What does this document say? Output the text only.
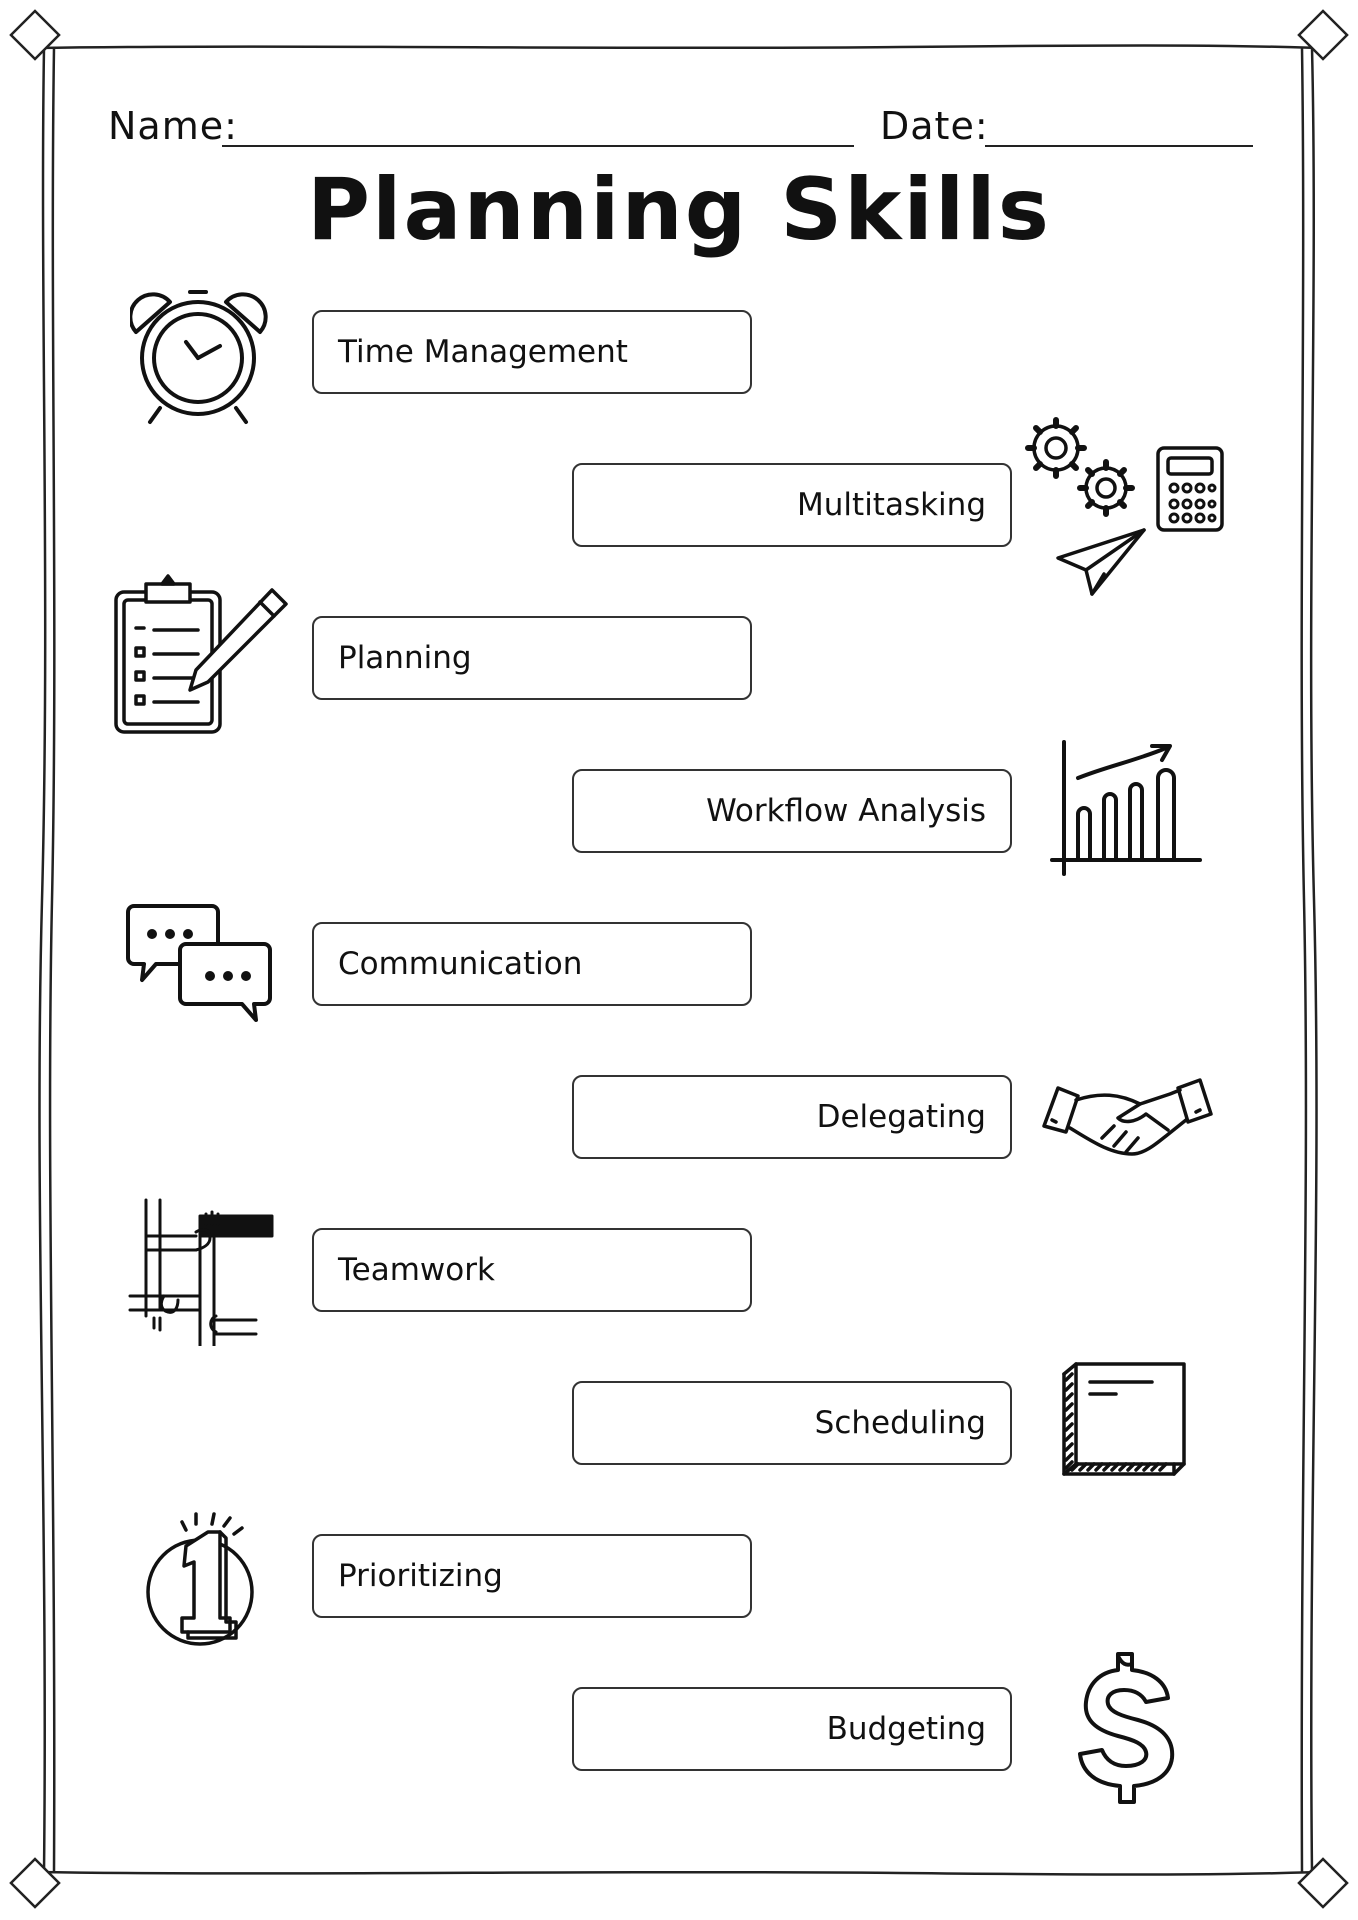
Name:	Date:
Planning Skills
Time Management
Multitasking
Planning
Workflow Analysis
Communication
Delegating
Teamwork
Scheduling
Prioritizing
Budgeting
